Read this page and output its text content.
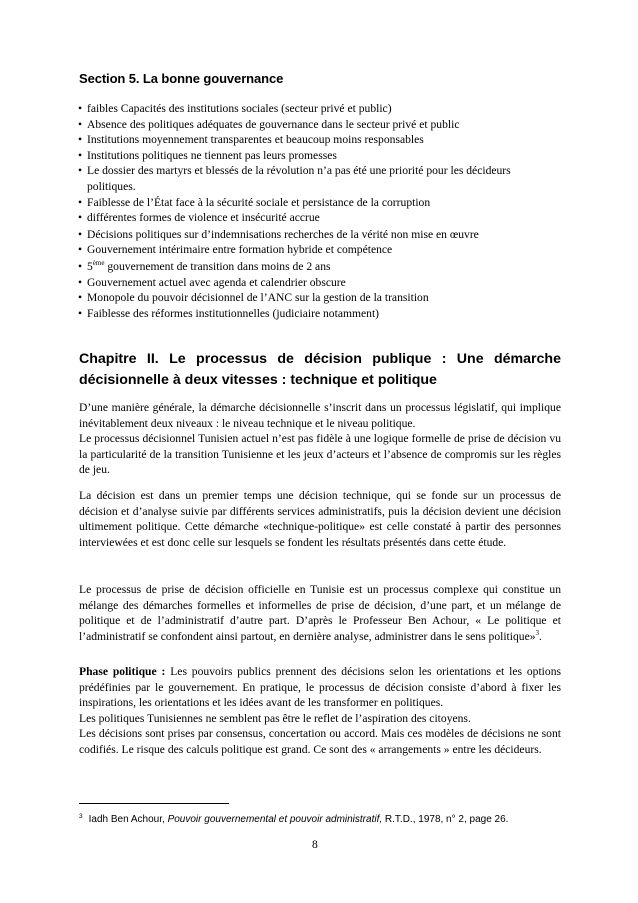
Section 5. La bonne gouvernance
• faibles Capacités des institutions sociales (secteur privé et public)
• Absence des politiques adéquates de gouvernance dans le secteur privé et public
• Institutions moyennement transparentes et beaucoup moins responsables
• Institutions politiques ne tiennent pas leurs promesses
• Le dossier des martyrs et blessés de la révolution n’a pas été une priorité pour les décideurs
politiques.
• Faiblesse de l’État face à la sécurité sociale et persistance de la corruption
• différentes formes de violence et insécurité accrue
• Décisions politiques sur d’indemnisations recherches de la vérité non mise en œuvre
• Gouvernement intérimaire entre formation hybride et compétence
• 5ème gouvernement de transition dans moins de 2 ans
• Gouvernement actuel avec agenda et calendrier obscure
• Monopole du pouvoir décisionnel de l’ANC sur la gestion de la transition
• Faiblesse des réformes institutionnelles (judiciaire notamment)
Chapitre II. Le processus de décision publique : Une démarche décisionnelle à deux vitesses : technique et politique

D’une manière générale, la démarche décisionnelle s’inscrit dans un processus législatif, qui implique inévitablement deux niveaux : le niveau technique et le niveau politique.

Le processus décisionnel Tunisien actuel n’est pas fidèle à une logique formelle de prise de décision vu la particularité de la transition Tunisienne et les jeux d’acteurs et l’absence de compromis sur les règles de jeu.

La décision est dans un premier temps une décision technique, qui se fonde sur un processus de décision et d’analyse suivie par différents services administratifs, puis la décision devient une décision ultimement politique. Cette démarche «technique-politique» est celle constaté à partir des personnes interviewées et est donc celle sur lesquels se fondent les résultats présentés dans cette étude.

Le processus de prise de décision officielle en Tunisie est un processus complexe qui constitue un mélange des démarches formelles et informelles de prise de décision, d’une part, et un mélange de politique et de l’administratif d’autre part. D’après le Professeur Ben Achour, « Le politique et l’administratif se confondent ainsi partout, en dernière analyse, administrer dans le sens politique»$^3$.

Phase politique : Les pouvoirs publics prennent des décisions selon les orientations et les options prédéfinies par le gouvernement. En pratique, le processus de décision consiste d’abord à fixer les inspirations, les orientations et les idées avant de les transformer en politiques.

Les politiques Tunisiennes ne semblent pas être le reflet de l’aspiration des citoyens.

Les décisions sont prises par consensus, concertation ou accord. Mais ces modèles de décisions ne sont codifiés. Le risque des calculs politique est grand. Ce sont des « arrangements » entre les décideurs.

$^3$ Iadh Ben Achour, Pouvoir gouvernemental et pouvoir administratif, R.T.D., 1978, n° 2, page 26.

8
